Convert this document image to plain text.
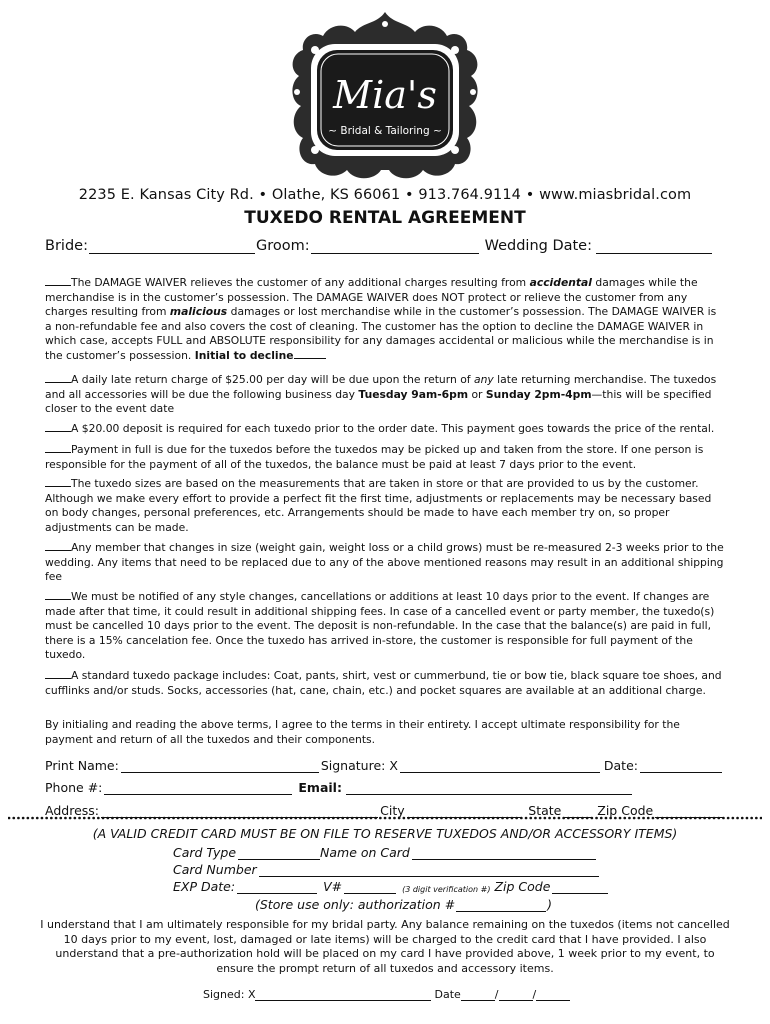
Mia's
~ Bridal & Tailoring ~
2235 E. Kansas City Rd. • Olathe, KS 66061 • 913.764.9114 • www.miasbridal.com
TUXEDO RENTAL AGREEMENT
Bride:	Groom:	Wedding Date:
The DAMAGE WAIVER relieves the customer of any additional charges resulting from accidental damages while the merchandise is in the customer’s possession. The DAMAGE WAIVER does NOT protect or relieve the customer from any charges resulting from malicious damages or lost merchandise while in the customer’s possession. The DAMAGE WAIVER is a non-refundable fee and also covers the cost of cleaning. The customer has the option to decline the DAMAGE WAIVER in which case, accepts FULL and ABSOLUTE responsibility for any damages accidental or malicious while the merchandise is in the customer’s possession. Initial to decline
A daily late return charge of $25.00 per day will be due upon the return of any late returning merchandise. The tuxedos and all accessories will be due the following business day Tuesday 9am-6pm or Sunday 2pm-4pm—this will be specified closer to the event date
A $20.00 deposit is required for each tuxedo prior to the order date. This payment goes towards the price of the rental.
Payment in full is due for the tuxedos before the tuxedos may be picked up and taken from the store. If one person is responsible for the payment of all of the tuxedos, the balance must be paid at least 7 days prior to the event.
The tuxedo sizes are based on the measurements that are taken in store or that are provided to us by the customer. Although we make every effort to provide a perfect fit the first time, adjustments or replacements may be necessary based on body changes, personal preferences, etc. Arrangements should be made to have each member try on, so proper adjustments can be made.
Any member that changes in size (weight gain, weight loss or a child grows) must be re-measured 2-3 weeks prior to the wedding. Any items that need to be replaced due to any of the above mentioned reasons may result in an additional shipping fee
We must be notified of any style changes, cancellations or additions at least 10 days prior to the event. If changes are made after that time, it could result in additional shipping fees. In case of a cancelled event or party member, the tuxedo(s) must be cancelled 10 days prior to the event. The deposit is non-refundable. In the case that the balance(s) are paid in full, there is a 15% cancelation fee. Once the tuxedo has arrived in-store, the customer is responsible for full payment of the tuxedo.
A standard tuxedo package includes: Coat, pants, shirt, vest or cummerbund, tie or bow tie, black square toe shoes, and cufflinks and/or studs. Socks, accessories (hat, cane, chain, etc.) and pocket squares are available at an additional charge.
By initialing and reading the above terms, I agree to the terms in their entirety. I accept ultimate responsibility for the payment and return of all the tuxedos and their components.
Print Name:	Signature: X	Date:
Phone #:	Email:
Address:	City	State	Zip Code
(A VALID CREDIT CARD MUST BE ON FILE TO RESERVE TUXEDOS AND/OR ACCESSORY ITEMS)
Card Type	Name on Card
Card Number
EXP Date:	V#	(3 digit verification #) Zip Code
(Store use only: authorization #	)
I understand that I am ultimately responsible for my bridal party. Any balance remaining on the tuxedos (items not cancelled 10 days prior to my event, lost, damaged or late items) will be charged to the credit card that I have provided. I also understand that a pre-authorization hold will be placed on my card I have provided above, 1 week prior to my event, to ensure the prompt return of all tuxedos and accessory items.
Signed: X	Date	/	/
